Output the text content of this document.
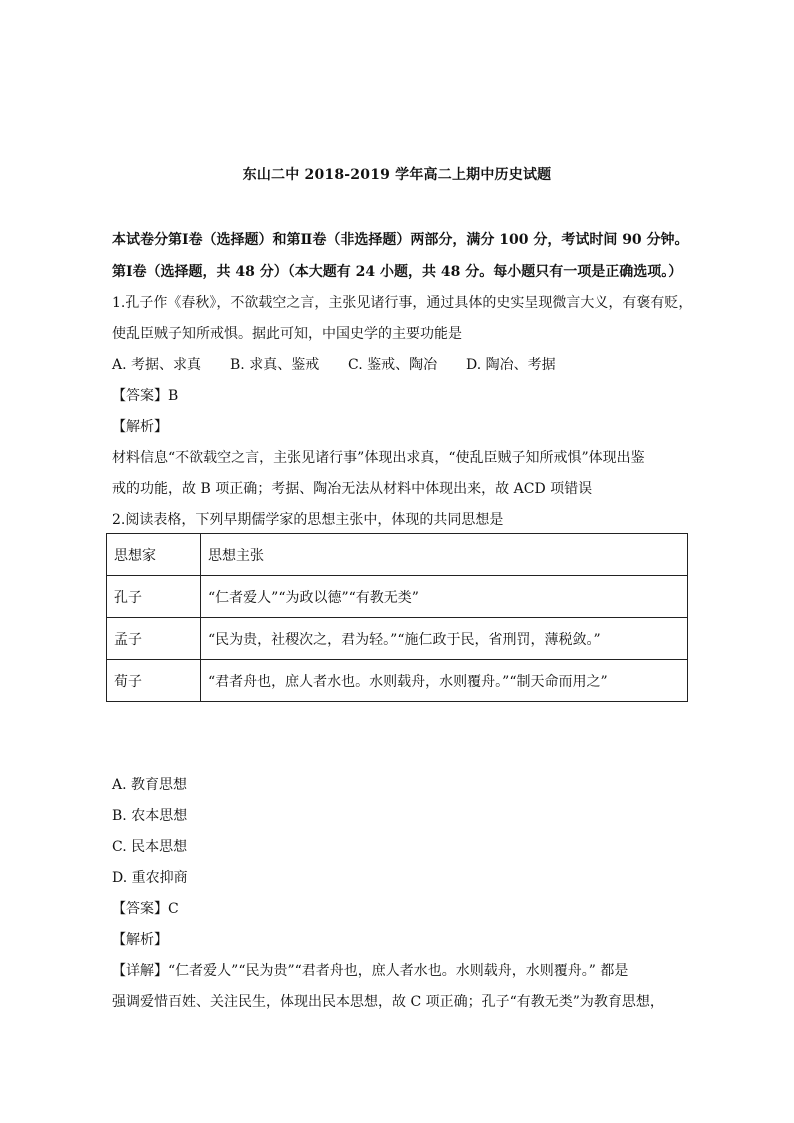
东山二中 2018-2019 学年高二上期中历史试题
本试卷分第Ⅰ卷（选择题）和第Ⅱ卷（非选择题）两部分，满分 100 分，考试时间 90 分钟。
第Ⅰ卷（选择题，共 48 分）（本大题有 24 小题，共 48 分。每小题只有一项是正确选项。）
1.孔子作《春秋》，不欲载空之言，主张见诸行事，通过具体的史实呈现微言大义，有褒有贬，
使乱臣贼子知所戒惧。据此可知，中国史学的主要功能是
A. 考据、求真 B. 求真、鉴戒 C. 鉴戒、陶冶 D. 陶冶、考据
【答案】B
【解析】
材料信息“不欲载空之言，主张见诸行事”体现出求真，“使乱臣贼子知所戒惧”体现出鉴
戒的功能，故 B 项正确；考据、陶冶无法从材料中体现出来，故 ACD 项错误
2.阅读表格，下列早期儒学家的思想主张中，体现的共同思想是
思想家	思想主张
孔子	“仁者爱人”“为政以德”“有教无类”
孟子	“民为贵，社稷次之，君为轻。”“施仁政于民，省刑罚，薄税敛。”
荀子	“君者舟也，庶人者水也。水则载舟，水则覆舟。”“制天命而用之”
A. 教育思想
B. 农本思想
C. 民本思想
D. 重农抑商
【答案】C
【解析】
【详解】“仁者爱人”“民为贵”“君者舟也，庶人者水也。水则载舟，水则覆舟。” 都是
强调爱惜百姓、关注民生，体现出民本思想，故 C 项正确；孔子“有教无类”为教育思想，
